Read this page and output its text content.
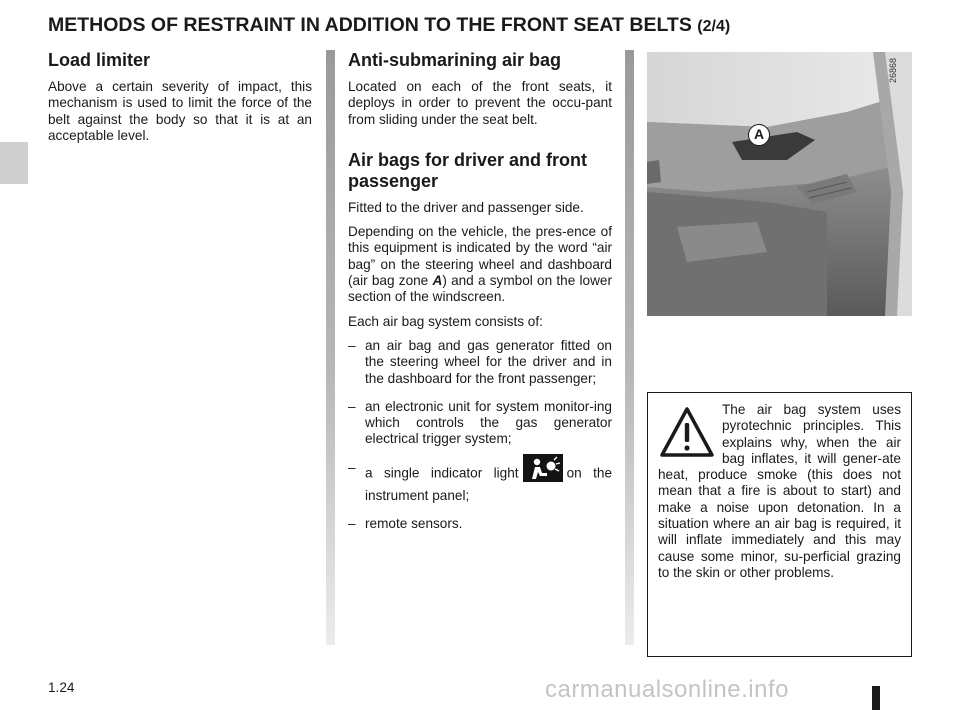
METHODS OF RESTRAINT IN ADDITION TO THE FRONT SEAT BELTS (2/4)
Load limiter

Above a certain severity of impact, this mechanism is used to limit the force of the belt against the body so that it is at an acceptable level.

Anti-submarining air bag

Located on each of the front seats, it deploys in order to prevent the occu-pant from sliding under the seat belt.

Air bags for driver and front passenger

Fitted to the driver and passenger side.

Depending on the vehicle, the pres-ence of this equipment is indicated by the word “air bag” on the steering wheel and dashboard (air bag zone A) and a symbol on the lower section of the windscreen.

Each air bag system consists of:

– an air bag and gas generator fitted on the steering wheel for the driver and in the dashboard for the front passenger;
– an electronic unit for system monitor-ing which controls the gas generator electrical trigger system;
– a single indicator light	on the instrument panel;
– remote sensors.
A
26868

The air bag system uses pyrotechnic principles. This explains why, when the air bag inflates, it will gener-ate heat, produce smoke (this does not mean that a fire is about to start) and make a noise upon detonation. In a situation where an air bag is required, it will inflate immediately and this may cause some minor, su-perficial grazing to the skin or other problems.

1.24	carmanualsonline.info
